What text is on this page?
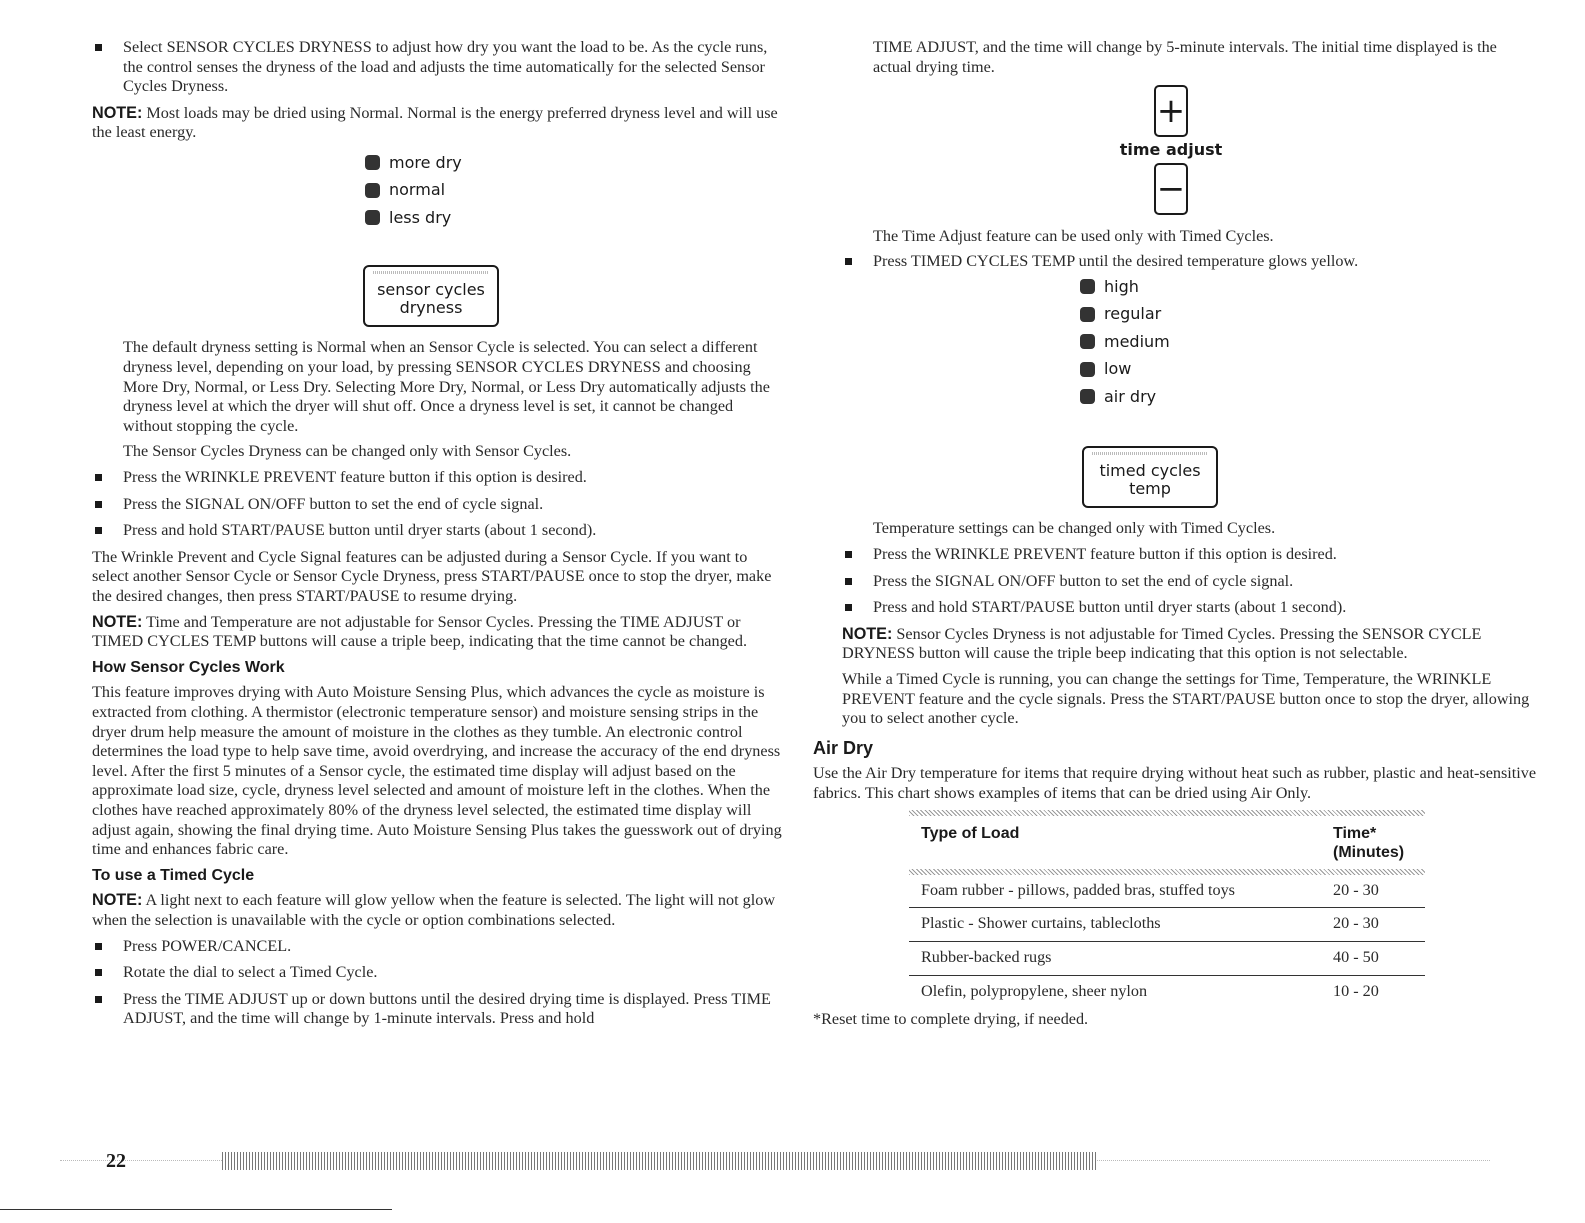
Select SENSOR CYCLES DRYNESS to adjust how dry you want the load to be. As the cycle runs, the control senses the dryness of the load and adjusts the time automatically for the selected Sensor Cycles Dryness.

NOTE: Most loads may be dried using Normal. Normal is the energy preferred dryness level and will use the least energy.

more dry
normal
less dry
sensor cycles
dryness

The default dryness setting is Normal when an Sensor Cycle is selected. You can select a different dryness level, depending on your load, by pressing SENSOR CYCLES DRYNESS and choosing More Dry, Normal, or Less Dry. Selecting More Dry, Normal, or Less Dry automatically adjusts the dryness level at which the dryer will shut off. Once a dryness level is set, it cannot be changed without stopping the cycle.

The Sensor Cycles Dryness can be changed only with Sensor Cycles.

Press the WRINKLE PREVENT feature button if this option is desired.
Press the SIGNAL ON/OFF button to set the end of cycle signal.
Press and hold START/PAUSE button until dryer starts (about 1 second).

The Wrinkle Prevent and Cycle Signal features can be adjusted during a Sensor Cycle. If you want to select another Sensor Cycle or Sensor Cycle Dryness, press START/PAUSE once to stop the dryer, make the desired changes, then press START/PAUSE to resume drying.

NOTE: Time and Temperature are not adjustable for Sensor Cycles. Pressing the TIME ADJUST or TIMED CYCLES TEMP buttons will cause a triple beep, indicating that the time cannot be changed.

How Sensor Cycles Work

This feature improves drying with Auto Moisture Sensing Plus, which advances the cycle as moisture is extracted from clothing. A thermistor (electronic temperature sensor) and moisture sensing strips in the dryer drum help measure the amount of moisture in the clothes as they tumble. An electronic control determines the load type to help save time, avoid overdrying, and increase the accuracy of the end dryness level. After the first 5 minutes of a Sensor cycle, the estimated time display will adjust based on the approximate load size, cycle, dryness level selected and amount of moisture left in the clothes. When the clothes have reached approximately 80% of the dryness level selected, the estimated time display will adjust again, showing the final drying time. Auto Moisture Sensing Plus takes the guesswork out of drying time and enhances fabric care.

To use a Timed Cycle

NOTE: A light next to each feature will glow yellow when the feature is selected. The light will not glow when the selection is unavailable with the cycle or option combinations selected.

Press POWER/CANCEL.
Rotate the dial to select a Timed Cycle.
Press the TIME ADJUST up or down buttons until the desired drying time is displayed. Press TIME ADJUST, and the time will change by 1-minute intervals. Press and hold

TIME ADJUST, and the time will change by 5-minute intervals. The initial time displayed is the actual drying time.

+
time adjust
−

The Time Adjust feature can be used only with Timed Cycles.

Press TIMED CYCLES TEMP until the desired temperature glows yellow.
high
regular
medium
low
air dry
timed cycles
temp

Temperature settings can be changed only with Timed Cycles.

Press the WRINKLE PREVENT feature button if this option is desired.
Press the SIGNAL ON/OFF button to set the end of cycle signal.
Press and hold START/PAUSE button until dryer starts (about 1 second).

NOTE: Sensor Cycles Dryness is not adjustable for Timed Cycles. Pressing the SENSOR CYCLE DRYNESS button will cause the triple beep indicating that this option is not selectable.

While a Timed Cycle is running, you can change the settings for Time, Temperature, the WRINKLE PREVENT feature and the cycle signals. Press the START/PAUSE button once to stop the dryer, allowing you to select another cycle.

Air Dry

Use the Air Dry temperature for items that require drying without heat such as rubber, plastic and heat-sensitive fabrics. This chart shows examples of items that can be dried using Air Only.

Type of Load	Time*
(Minutes)

Foam rubber - pillows, padded bras, stuffed toys	20 - 30
Plastic - Shower curtains, tablecloths	20 - 30
Rubber-backed rugs	40 - 50
Olefin, polypropylene, sheer nylon	10 - 20

*Reset time to complete drying, if needed.

22
